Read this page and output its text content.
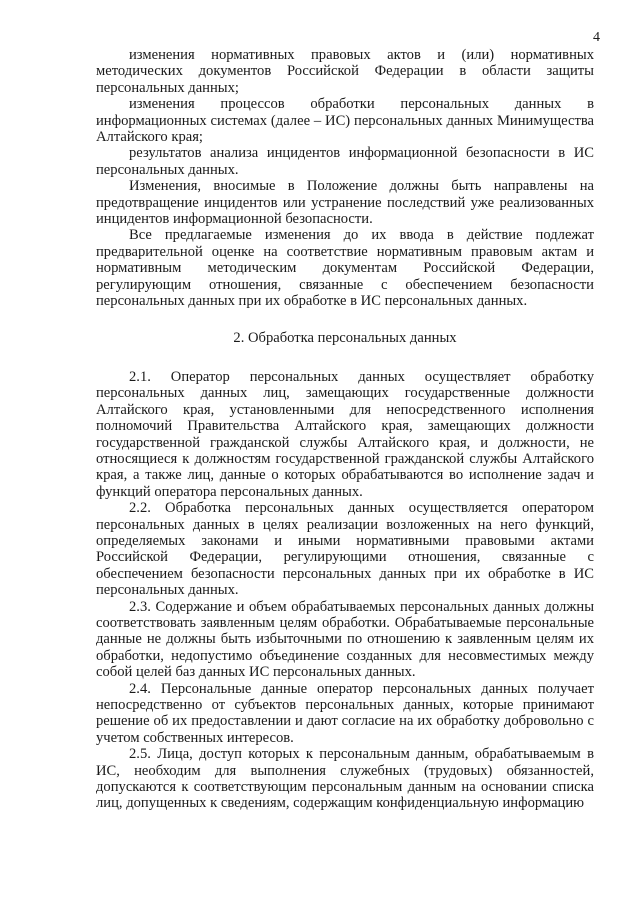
4

изменения нормативных правовых актов и (или) нормативных методических документов Российской Федерации в области защиты персональных данных;

изменения процессов обработки персональных данных в информационных системах (далее – ИС) персональных данных Минимущества Алтайского края;

результатов анализа инцидентов информационной безопасности в ИС персональных данных.

Изменения, вносимые в Положение должны быть направлены на предотвращение инцидентов или устранение последствий уже реализованных инцидентов информационной безопасности.

Все предлагаемые изменения до их ввода в действие подлежат предварительной оценке на соответствие нормативным правовым актам и нормативным методическим документам Российской Федерации, регулирующим отношения, связанные с обеспечением безопасности персональных данных при их обработке в ИС персональных данных.

2. Обработка персональных данных

2.1. Оператор персональных данных осуществляет обработку персональных данных лиц, замещающих государственные должности Алтайского края, установленными для непосредственного исполнения полномочий Правительства Алтайского края, замещающих должности государственной гражданской службы Алтайского края, и должности, не относящиеся к должностям государственной гражданской службы Алтайского края, а также лиц, данные о которых обрабатываются во исполнение задач и функций оператора персональных данных.

2.2. Обработка персональных данных осуществляется оператором персональных данных в целях реализации возложенных на него функций, определяемых законами и иными нормативными правовыми актами Российской Федерации, регулирующими отношения, связанные с обеспечением безопасности персональных данных при их обработке в ИС персональных данных.

2.3. Содержание и объем обрабатываемых персональных данных должны соответствовать заявленным целям обработки. Обрабатываемые персональные данные не должны быть избыточными по отношению к заявленным целям их обработки, недопустимо объединение созданных для несовместимых между собой целей баз данных ИС персональных данных.

2.4. Персональные данные оператор персональных данных получает непосредственно от субъектов персональных данных, которые принимают решение об их предоставлении и дают согласие на их обработку добровольно с учетом собственных интересов.

2.5. Лица, доступ которых к персональным данным, обрабатываемым в ИС, необходим для выполнения служебных (трудовых) обязанностей, допускаются к соответствующим персональным данным на основании списка лиц, допущенных к сведениям, содержащим конфиденциальную информацию
